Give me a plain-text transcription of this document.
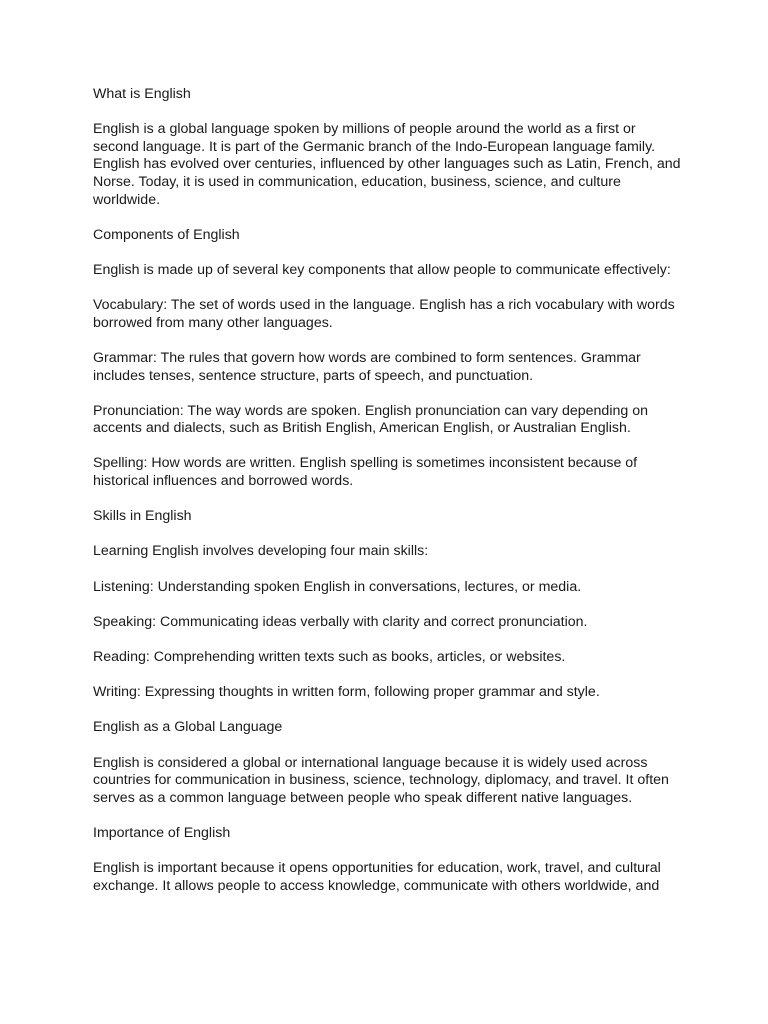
What is English

English is a global language spoken by millions of people around the world as a first or second language. It is part of the Germanic branch of the Indo-European language family. English has evolved over centuries, influenced by other languages such as Latin, French, and Norse. Today, it is used in communication, education, business, science, and culture worldwide.

Components of English

English is made up of several key components that allow people to communicate effectively:

Vocabulary: The set of words used in the language. English has a rich vocabulary with words borrowed from many other languages.

Grammar: The rules that govern how words are combined to form sentences. Grammar includes tenses, sentence structure, parts of speech, and punctuation.

Pronunciation: The way words are spoken. English pronunciation can vary depending on accents and dialects, such as British English, American English, or Australian English.

Spelling: How words are written. English spelling is sometimes inconsistent because of historical influences and borrowed words.

Skills in English

Learning English involves developing four main skills:

Listening: Understanding spoken English in conversations, lectures, or media.

Speaking: Communicating ideas verbally with clarity and correct pronunciation.

Reading: Comprehending written texts such as books, articles, or websites.

Writing: Expressing thoughts in written form, following proper grammar and style.

English as a Global Language

English is considered a global or international language because it is widely used across countries for communication in business, science, technology, diplomacy, and travel. It often serves as a common language between people who speak different native languages.

Importance of English

English is important because it opens opportunities for education, work, travel, and cultural exchange. It allows people to access knowledge, communicate with others worldwide, and
